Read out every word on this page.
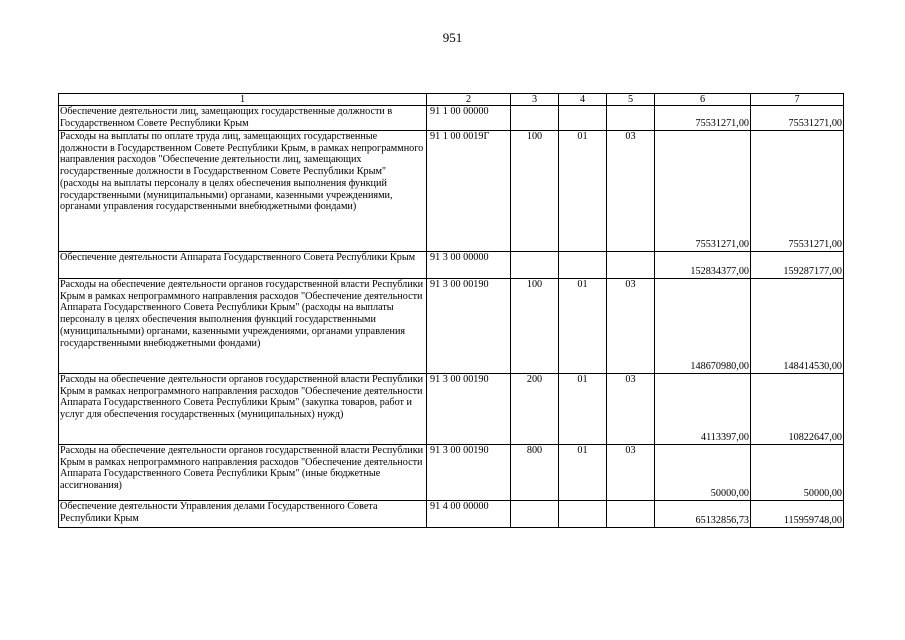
951
1	2	3	4	5	6	7
Обеспечение деятельности лиц, замещающих государственные должности в Государственном Совете Республики Крым	91 1 00 00000				75531271,00	75531271,00
Расходы на выплаты по оплате труда лиц, замещающих государственные должности в Государственном Совете Республики Крым, в рамках непрограммного направления расходов "Обеспечение деятельности лиц, замещающих государственные должности в Государственном Совете Республики Крым" (расходы на выплаты персоналу в целях обеспечения выполнения функций государственными (муниципальными) органами, казенными учреждениями, органами управления государственными внебюджетными фондами)	91 1 00 0019Г	100	01	03	75531271,00	75531271,00
Обеспечение деятельности Аппарата Государственного Совета Республики Крым	91 3 00 00000				152834377,00	159287177,00
Расходы на обеспечение деятельности органов государственной власти Республики Крым в рамках непрограммного направления расходов "Обеспечение деятельности Аппарата Государственного Совета Республики Крым" (расходы на выплаты персоналу в целях обеспечения выполнения функций государственными (муниципальными) органами, казенными учреждениями, органами управления государственными внебюджетными фондами)	91 3 00 00190	100	01	03	148670980,00	148414530,00
Расходы на обеспечение деятельности органов государственной власти Республики Крым в рамках непрограммного направления расходов "Обеспечение деятельности Аппарата Государственного Совета Республики Крым" (закупка товаров, работ и услуг для обеспечения государственных (муниципальных) нужд)	91 3 00 00190	200	01	03	4113397,00	10822647,00
Расходы на обеспечение деятельности органов государственной власти Республики Крым в рамках непрограммного направления расходов "Обеспечение деятельности Аппарата Государственного Совета Республики Крым" (иные бюджетные ассигнования)	91 3 00 00190	800	01	03	50000,00	50000,00
Обеспечение деятельности Управления делами Государственного Совета Республики Крым	91 4 00 00000				65132856,73	115959748,00
